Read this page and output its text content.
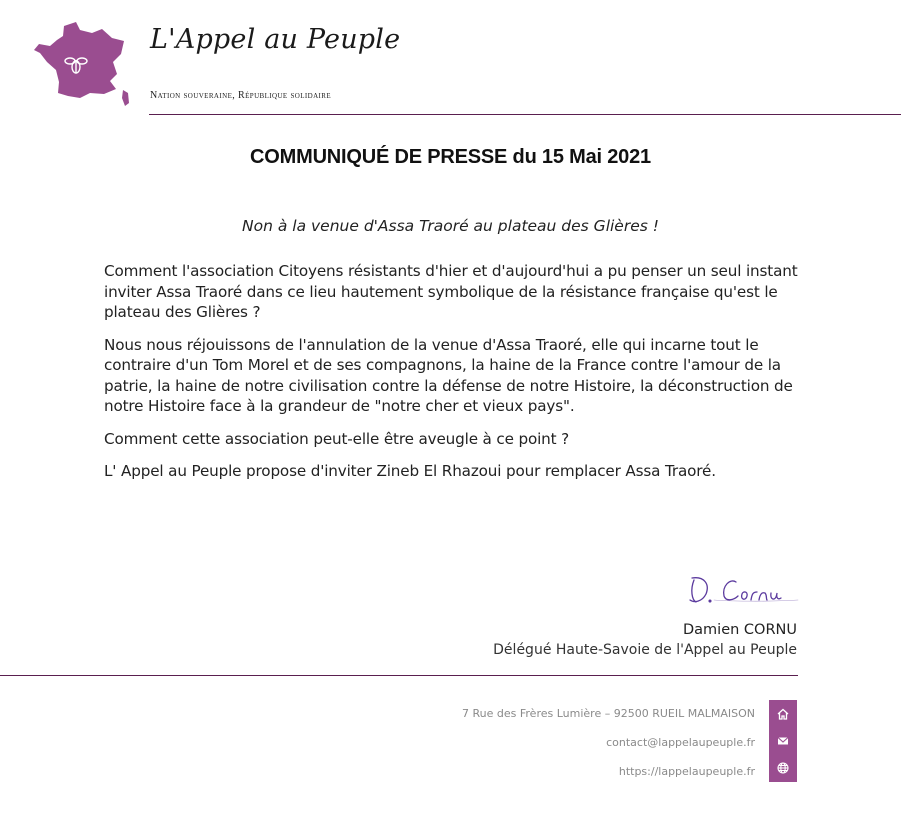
L'Appel au Peuple
Nation souveraine, République solidaire
COMMUNIQUÉ DE PRESSE du 15 Mai 2021
Non à la venue d'Assa Traoré au plateau des Glières !

Comment l'association Citoyens résistants d'hier et d'aujourd'hui a pu penser un seul instant inviter Assa Traoré dans ce lieu hautement symbolique de la résistance française qu'est le plateau des Glières ?

Nous nous réjouissons de l'annulation de la venue d'Assa Traoré, elle qui incarne tout le contraire d'un Tom Morel et de ses compagnons, la haine de la France contre l'amour de la patrie, la haine de notre civilisation contre la défense de notre Histoire, la déconstruction de notre Histoire face à la grandeur de "notre cher et vieux pays".

Comment cette association peut-elle être aveugle à ce point ?

L' Appel au Peuple propose d'inviter Zineb El Rhazoui pour remplacer Assa Traoré.

Damien CORNU
Délégué Haute-Savoie de l'Appel au Peuple
7 Rue des Frères Lumière – 92500 RUEIL MALMAISON
contact@lappelaupeuple.fr
https://lappelaupeuple.fr
